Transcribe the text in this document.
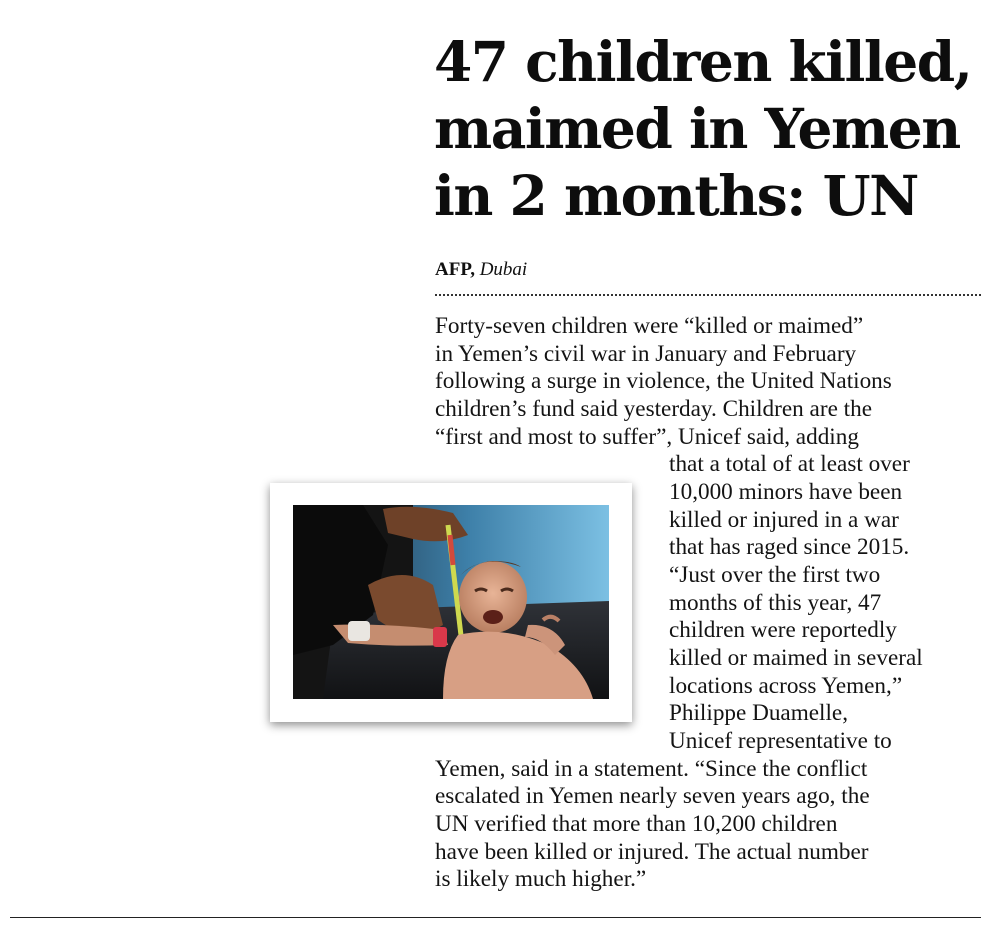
47 children killed,
maimed in Yemen
in 2 months: UN
AFP, Dubai
Forty-seven children were “killed or maimed”
in Yemen’s civil war in January and February
following a surge in violence, the United Nations
children’s fund said yesterday. Children are the
“first and most to suffer”, Unicef said, adding
that a total of at least over
10,000 minors have been
killed or injured in a war
that has raged since 2015.
“Just over the first two
months of this year, 47
children were reportedly
killed or maimed in several
locations across Yemen,”
Philippe Duamelle,
Unicef representative to
Yemen, said in a statement. “Since the conflict
escalated in Yemen nearly seven years ago, the
UN verified that more than 10,200 children
have been killed or injured. The actual number
is likely much higher.”
